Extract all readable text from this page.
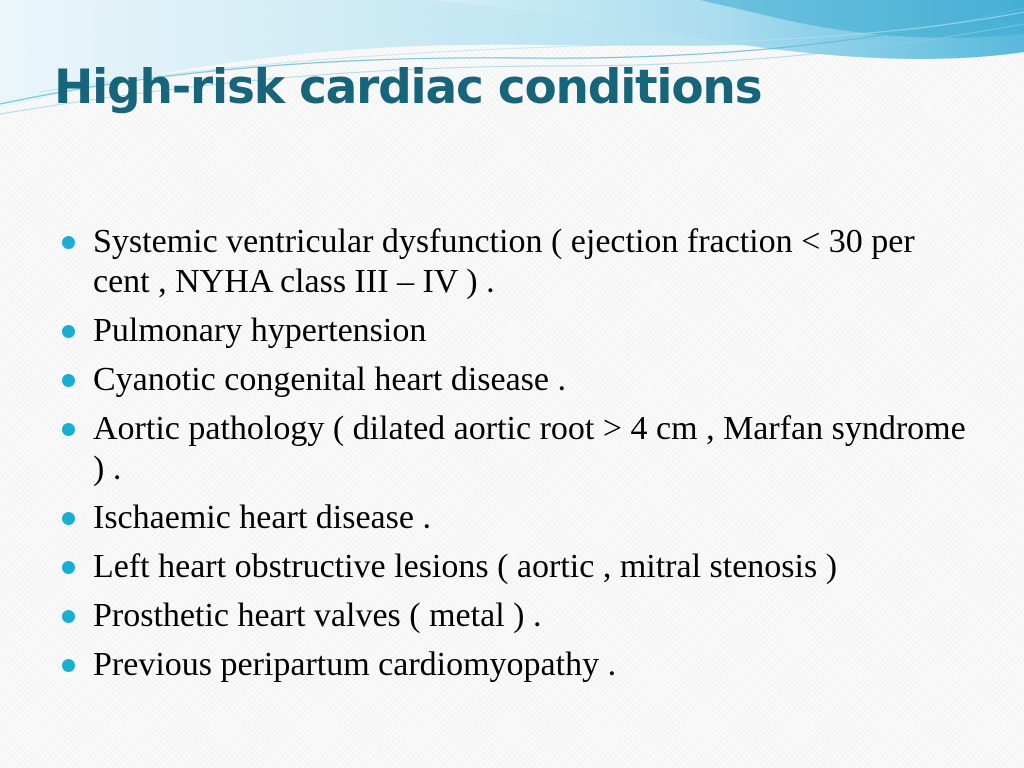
High-risk cardiac conditions
Systemic ventricular dysfunction ( ejection fraction < 30 per cent , NYHA class III – IV ) .
Pulmonary hypertension
Cyanotic congenital heart disease .
Aortic pathology ( dilated aortic root > 4 cm , Marfan syndrome ) .
Ischaemic heart disease .
Left heart obstructive lesions ( aortic , mitral stenosis )
Prosthetic heart valves ( metal ) .
Previous peripartum cardiomyopathy .
